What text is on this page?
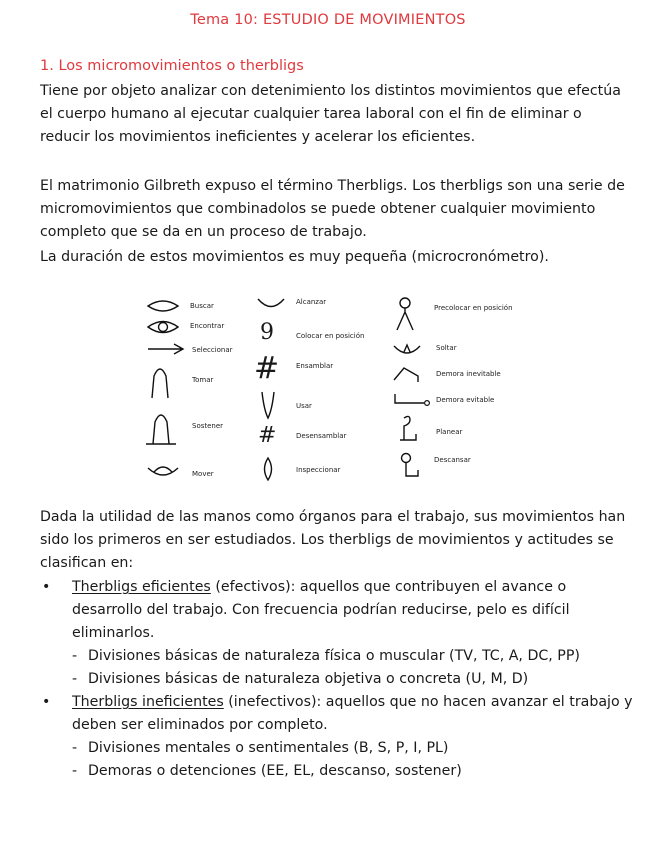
Tema 10: ESTUDIO DE MOVIMIENTOS
1. Los micromovimientos o therbligs

Tiene por objeto analizar con detenimiento los distintos movimientos que efectúa el cuerpo humano al ejecutar cualquier tarea laboral con el fin de eliminar o reducir los movimientos ineficientes y acelerar los eficientes.

El matrimonio Gilbreth expuso el término Therbligs. Los therbligs son una serie de micromovimientos que combinadolos se puede obtener cualquier movimiento completo que se da en un proceso de trabajo.

La duración de estos movimientos es muy pequeña (microcronómetro).

Buscar
Encontrar
Seleccionar
Tomar
Sostener
Mover
Alcanzar
9	Colocar en posición
# Ensamblar
Usar
#	Desensamblar
Inspeccionar
Precolocar en posición
Soltar
Demora inevitable
Demora evitable
Planear
Descansar

Dada la utilidad de las manos como órganos para el trabajo, sus movimientos han sido los primeros en ser estudiados. Los therbligs de movimientos y actitudes se clasifican en:

• Therbligs eficientes (efectivos): aquellos que contribuyen el avance o desarrollo del trabajo. Con frecuencia podrían reducirse, pelo es difícil eliminarlos.
- Divisiones básicas de naturaleza física o muscular (TV, TC, A, DC, PP)
- Divisiones básicas de naturaleza objetiva o concreta (U, M, D)
• Therbligs ineficientes (inefectivos): aquellos que no hacen avanzar el trabajo y deben ser eliminados por completo.
- Divisiones mentales o sentimentales (B, S, P, I, PL)
- Demoras o detenciones (EE, EL, descanso, sostener)
